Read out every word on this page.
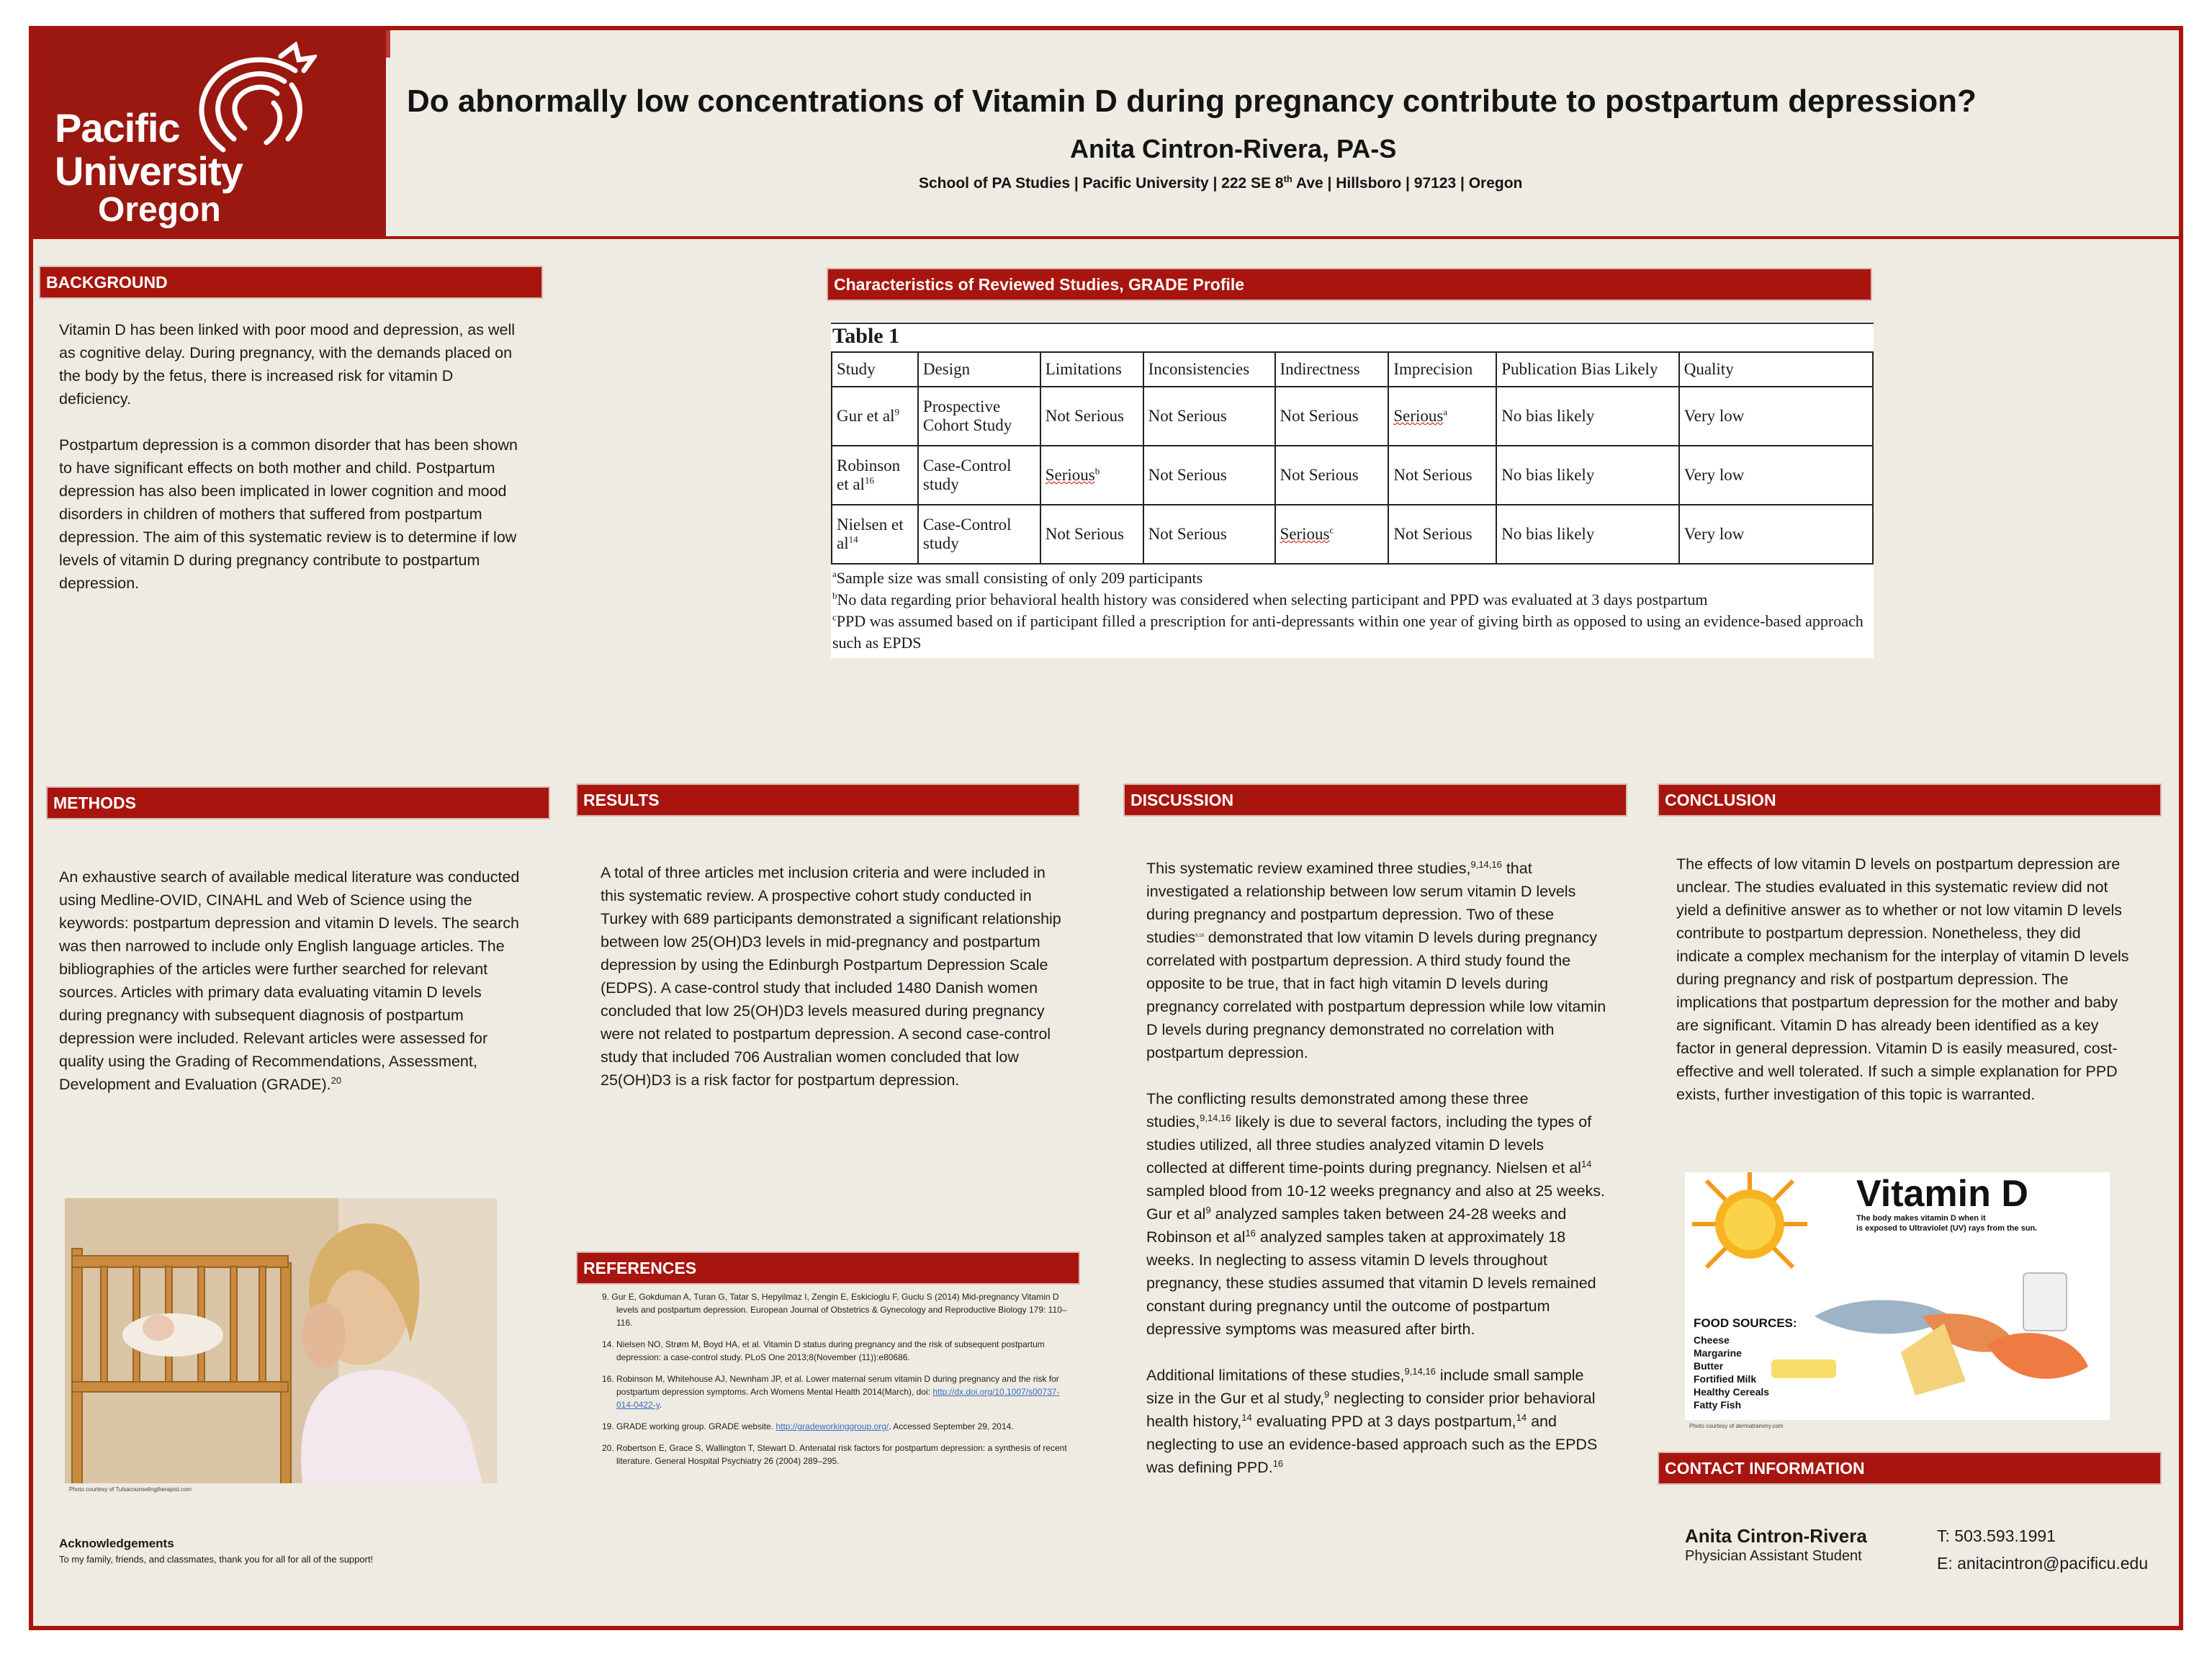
Pacific
University
Oregon
Do abnormally low concentrations of Vitamin D during pregnancy contribute to postpartum depression?
Anita Cintron-Rivera, PA-S
School of PA Studies | Pacific University | 222 SE 8th Ave | Hillsboro | 97123 | Oregon
BACKGROUND

Vitamin D has been linked with poor mood and depression, as well as cognitive delay. During pregnancy, with the demands placed on the body by the fetus, there is increased risk for vitamin D deficiency.

Postpartum depression is a common disorder that has been shown to have significant effects on both mother and child. Postpartum depression has also been implicated in lower cognition and mood disorders in children of mothers that suffered from postpartum depression. The aim of this systematic review is to determine if low levels of vitamin D during pregnancy contribute to postpartum depression.

Characteristics of Reviewed Studies, GRADE Profile
Table 1
Study	Design	Limitations	Inconsistencies	Indirectness	Imprecision	Publication Bias Likely	Quality
Gur et $al^9$	Prospective Cohort Study	Not Serious	Not Serious	Not Serious	Serious$^a$	No bias likely	Very low
Robinson et $al^{16}$	Case-Control study	Serious$^b$	Not Serious	Not Serious	Not Serious	No bias likely	Very low
Nielsen et $al^{14}$	Case-Control study	Not Serious	Not Serious	Serious$^c$	Not Serious	No bias likely	Very low
$^a$Sample size was small consisting of only 209 participants
$^b$No data regarding prior behavioral health history was considered when selecting participant and PPD was evaluated at 3 days postpartum
$^c$PPD was assumed based on if participant filled a prescription for anti-depressants within one year of giving birth as opposed to using an evidence-based approach such as EPDS
METHODS
An exhaustive search of available medical literature was conducted using Medline-OVID, CINAHL and Web of Science using the keywords: postpartum depression and vitamin D levels. The search was then narrowed to include only English language articles. The bibliographies of the articles were further searched for relevant sources. Articles with primary data evaluating vitamin D levels during pregnancy with subsequent diagnosis of postpartum depression were included. Relevant articles were assessed for quality using the Grading of Recommendations, Assessment, Development and Evaluation (GRADE).$^{20}$
Photo courtesy of Tulsacounselingtherapist.com
RESULTS
A total of three articles met inclusion criteria and were included in this systematic review. A prospective cohort study conducted in Turkey with 689 participants demonstrated a significant relationship between low 25(OH)D3 levels in mid-pregnancy and postpartum depression by using the Edinburgh Postpartum Depression Scale (EDPS). A case-control study that included 1480 Danish women concluded that low 25(OH)D3 levels measured during pregnancy were not related to postpartum depression. A second case-control study that included 706 Australian women concluded that low 25(OH)D3 is a risk factor for postpartum depression.
REFERENCES
9. Gur E, Gokduman A, Turan G, Tatar S, Hepyilmaz I, Zengin E, Eskicioglu F, Guclu S (2014) Mid-pregnancy Vitamin D levels and postpartum depression. European Journal of Obstetrics & Gynecology and Reproductive Biology 179: 110–116.
14. Nielsen NO, Strøm M, Boyd HA, et al. Vitamin D status during pregnancy and the risk of subsequent postpartum depression: a case-control study. PLoS One 2013;8(November (11)):e80686.
16. Robinson M, Whitehouse AJ, Newnham JP, et al. Lower maternal serum vitamin D during pregnancy and the risk for postpartum depression symptoms. Arch Womens Mental Health 2014(March), doi: http://dx.doi.org/10.1007/s00737-014-0422-y.
19. GRADE working group. GRADE website. http://gradeworkinggroup.org/. Accessed September 29, 2014.
20. Robertson E, Grace S, Wallington T, Stewart D. Antenatal risk factors for postpartum depression: a synthesis of recent literature. General Hospital Psychiatry 26 (2004) 289–295.
Acknowledgements
To my family, friends, and classmates, thank you for all for all of the support!
DISCUSSION

This systematic review examined three studies,$^{9,14,16}$ that investigated a relationship between low serum vitamin D levels during pregnancy and postpartum depression. Two of these studies$^{9,16}$ demonstrated that low vitamin D levels during pregnancy correlated with postpartum depression. A third study found the opposite to be true, that in fact high vitamin D levels during pregnancy correlated with postpartum depression while low vitamin D levels during pregnancy demonstrated no correlation with postpartum depression.

The conflicting results demonstrated among these three studies,$^{9,14,16}$ likely is due to several factors, including the types of studies utilized, all three studies analyzed vitamin D levels collected at different time-points during pregnancy. Nielsen et $al^{14}$ sampled blood from 10-12 weeks pregnancy and also at 25 weeks. Gur et $al^9$ analyzed samples taken between 24-28 weeks and Robinson et $al^{16}$ analyzed samples taken at approximately 18 weeks. In neglecting to assess vitamin D levels throughout pregnancy, these studies assumed that vitamin D levels remained constant during pregnancy until the outcome of postpartum depressive symptoms was measured after birth.

Additional limitations of these studies,$^{9,14,16}$ include small sample size in the Gur et al study,$^9$ neglecting to consider prior behavioral health history,$^{14}$ evaluating PPD at 3 days postpartum,$^{14}$ and neglecting to use an evidence-based approach such as the EPDS was defining PPD.$^{16}$

CONCLUSION
The effects of low vitamin D levels on postpartum depression are unclear. The studies evaluated in this systematic review did not yield a definitive answer as to whether or not low vitamin D levels contribute to postpartum depression. Nonetheless, they did indicate a complex mechanism for the interplay of vitamin D levels during pregnancy and risk of postpartum depression. The implications that postpartum depression for the mother and baby are significant. Vitamin D has already been identified as a key factor in general depression. Vitamin D is easily measured, cost-effective and well tolerated. If such a simple explanation for PPD exists, further investigation of this topic is warranted.
Vitamin D
The body makes vitamin D when it
is exposed to Ultraviolet (UV) rays from the sun.
FOOD SOURCES:
Cheese
Margarine
Butter
Fortified Milk
Healthy Cereals
Fatty Fish
Photo courtesy of dermatrammy.com
CONTACT INFORMATION
Anita Cintron-Rivera
Physician Assistant Student
T: 503.593.1991
E: anitacintron@pacificu.edu
